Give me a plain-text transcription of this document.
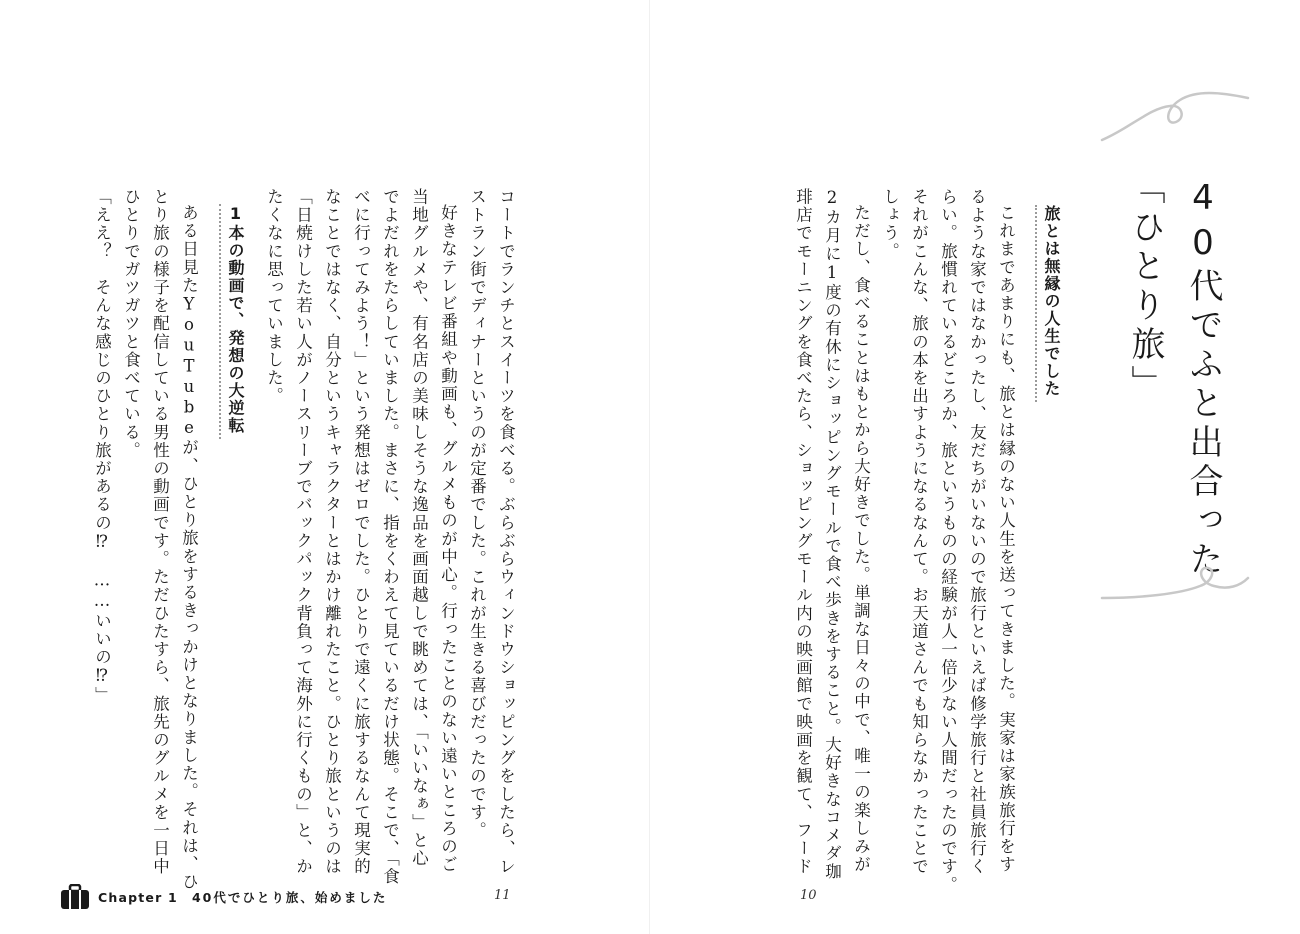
コートでランチとスイーツを食べる。ぶらぶらウィンドウショッピングをしたら、レ

ストラン街でディナーというのが定番でした。これが生きる喜びだったのです。

好きなテレビ番組や動画も、グルメものが中心。行ったことのない遠いところのご

当地グルメや、有名店の美味しそうな逸品を画面越しで眺めては、「いいなぁ」と心

でよだれをたらしていました。まさに、指をくわえて見ているだけ状態。そこで、「食

べに行ってみよう！」という発想はゼロでした。ひとりで遠くに旅するなんて現実的

なことではなく、自分というキャラクターとはかけ離れたこと。ひとり旅というのは

「日焼けした若い人がノースリーブでバックパック背負って海外に行くもの」と、か

たくなに思っていました。

1本の動画で、発想の大逆転

ある日見たYouTubeが、ひとり旅をするきっかけとなりました。それは、ひ

とり旅の様子を配信している男性の動画です。ただひたすら、旅先のグルメを一日中

ひとりでガツガツと食べている。

「ええ？　そんな感じのひとり旅があるの⁉︎　……いいの⁉︎」

Chapter 1 40代でひとり旅、始めました	11

40代でふと出合った

「ひとり旅」

旅とは無縁の人生でした

これまであまりにも、旅とは縁のない人生を送ってきました。実家は家族旅行をす

るような家ではなかったし、友だちがいないので旅行といえば修学旅行と社員旅行く

らい。旅慣れているどころか、旅というものの経験が人一倍少ない人間だったのです。

それがこんな、旅の本を出すようになるなんて。お天道さんでも知らなかったことで

しょう。

ただし、食べることはもとから大好きでした。単調な日々の中で、唯一の楽しみが

2カ月に1度の有休にショッピングモールで食べ歩きをすること。大好きなコメダ珈

琲店でモーニングを食べたら、ショッピングモール内の映画館で映画を観て、フード

10
